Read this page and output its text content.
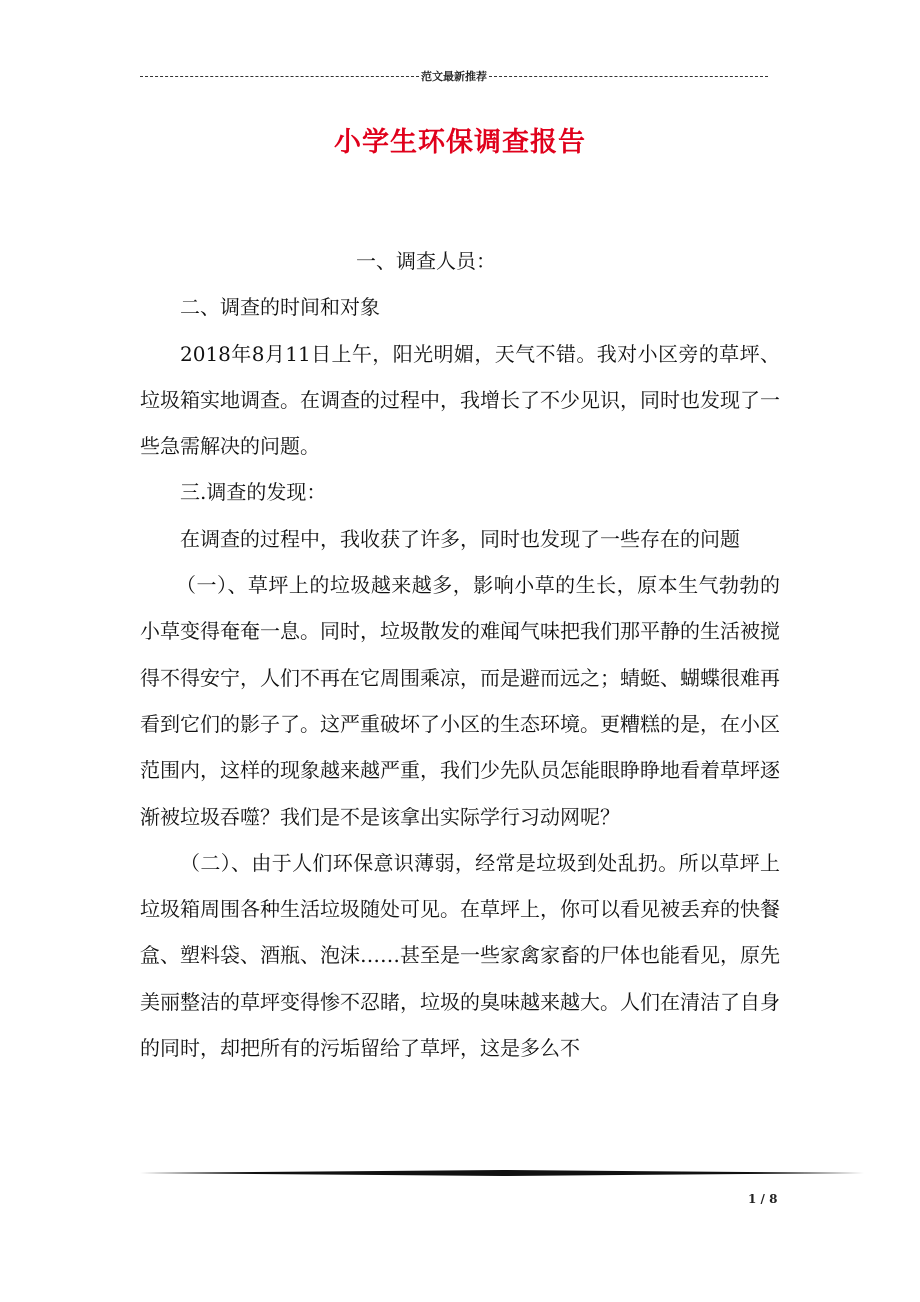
范文最新推荐
小学生环保调查报告

一、调查人员：

二、调查的时间和对象

2018年8月11日上午，阳光明媚，天气不错。我对小区旁的草坪、垃圾箱实地调查。在调查的过程中，我增长了不少见识，同时也发现了一些急需解决的问题。

三.调查的发现：

在调查的过程中，我收获了许多，同时也发现了一些存在的问题

（一）、草坪上的垃圾越来越多，影响小草的生长，原本生气勃勃的小草变得奄奄一息。同时，垃圾散发的难闻气味把我们那平静的生活被搅得不得安宁，人们不再在它周围乘凉，而是避而远之；蜻蜓、蝴蝶很难再看到它们的影子了。这严重破坏了小区的生态环境。更糟糕的是，在小区范围内，这样的现象越来越严重，我们少先队员怎能眼睁睁地看着草坪逐渐被垃圾吞噬？我们是不是该拿出实际学行习动网呢？

（二）、由于人们环保意识薄弱，经常是垃圾到处乱扔。所以草坪上垃圾箱周围各种生活垃圾随处可见。在草坪上，你可以看见被丢弃的快餐盒、塑料袋、酒瓶、泡沫……甚至是一些家禽家畜的尸体也能看见，原先美丽整洁的草坪变得惨不忍睹，垃圾的臭味越来越大。人们在清洁了自身的同时，却把所有的污垢留给了草坪，这是多么不

1 / 8
